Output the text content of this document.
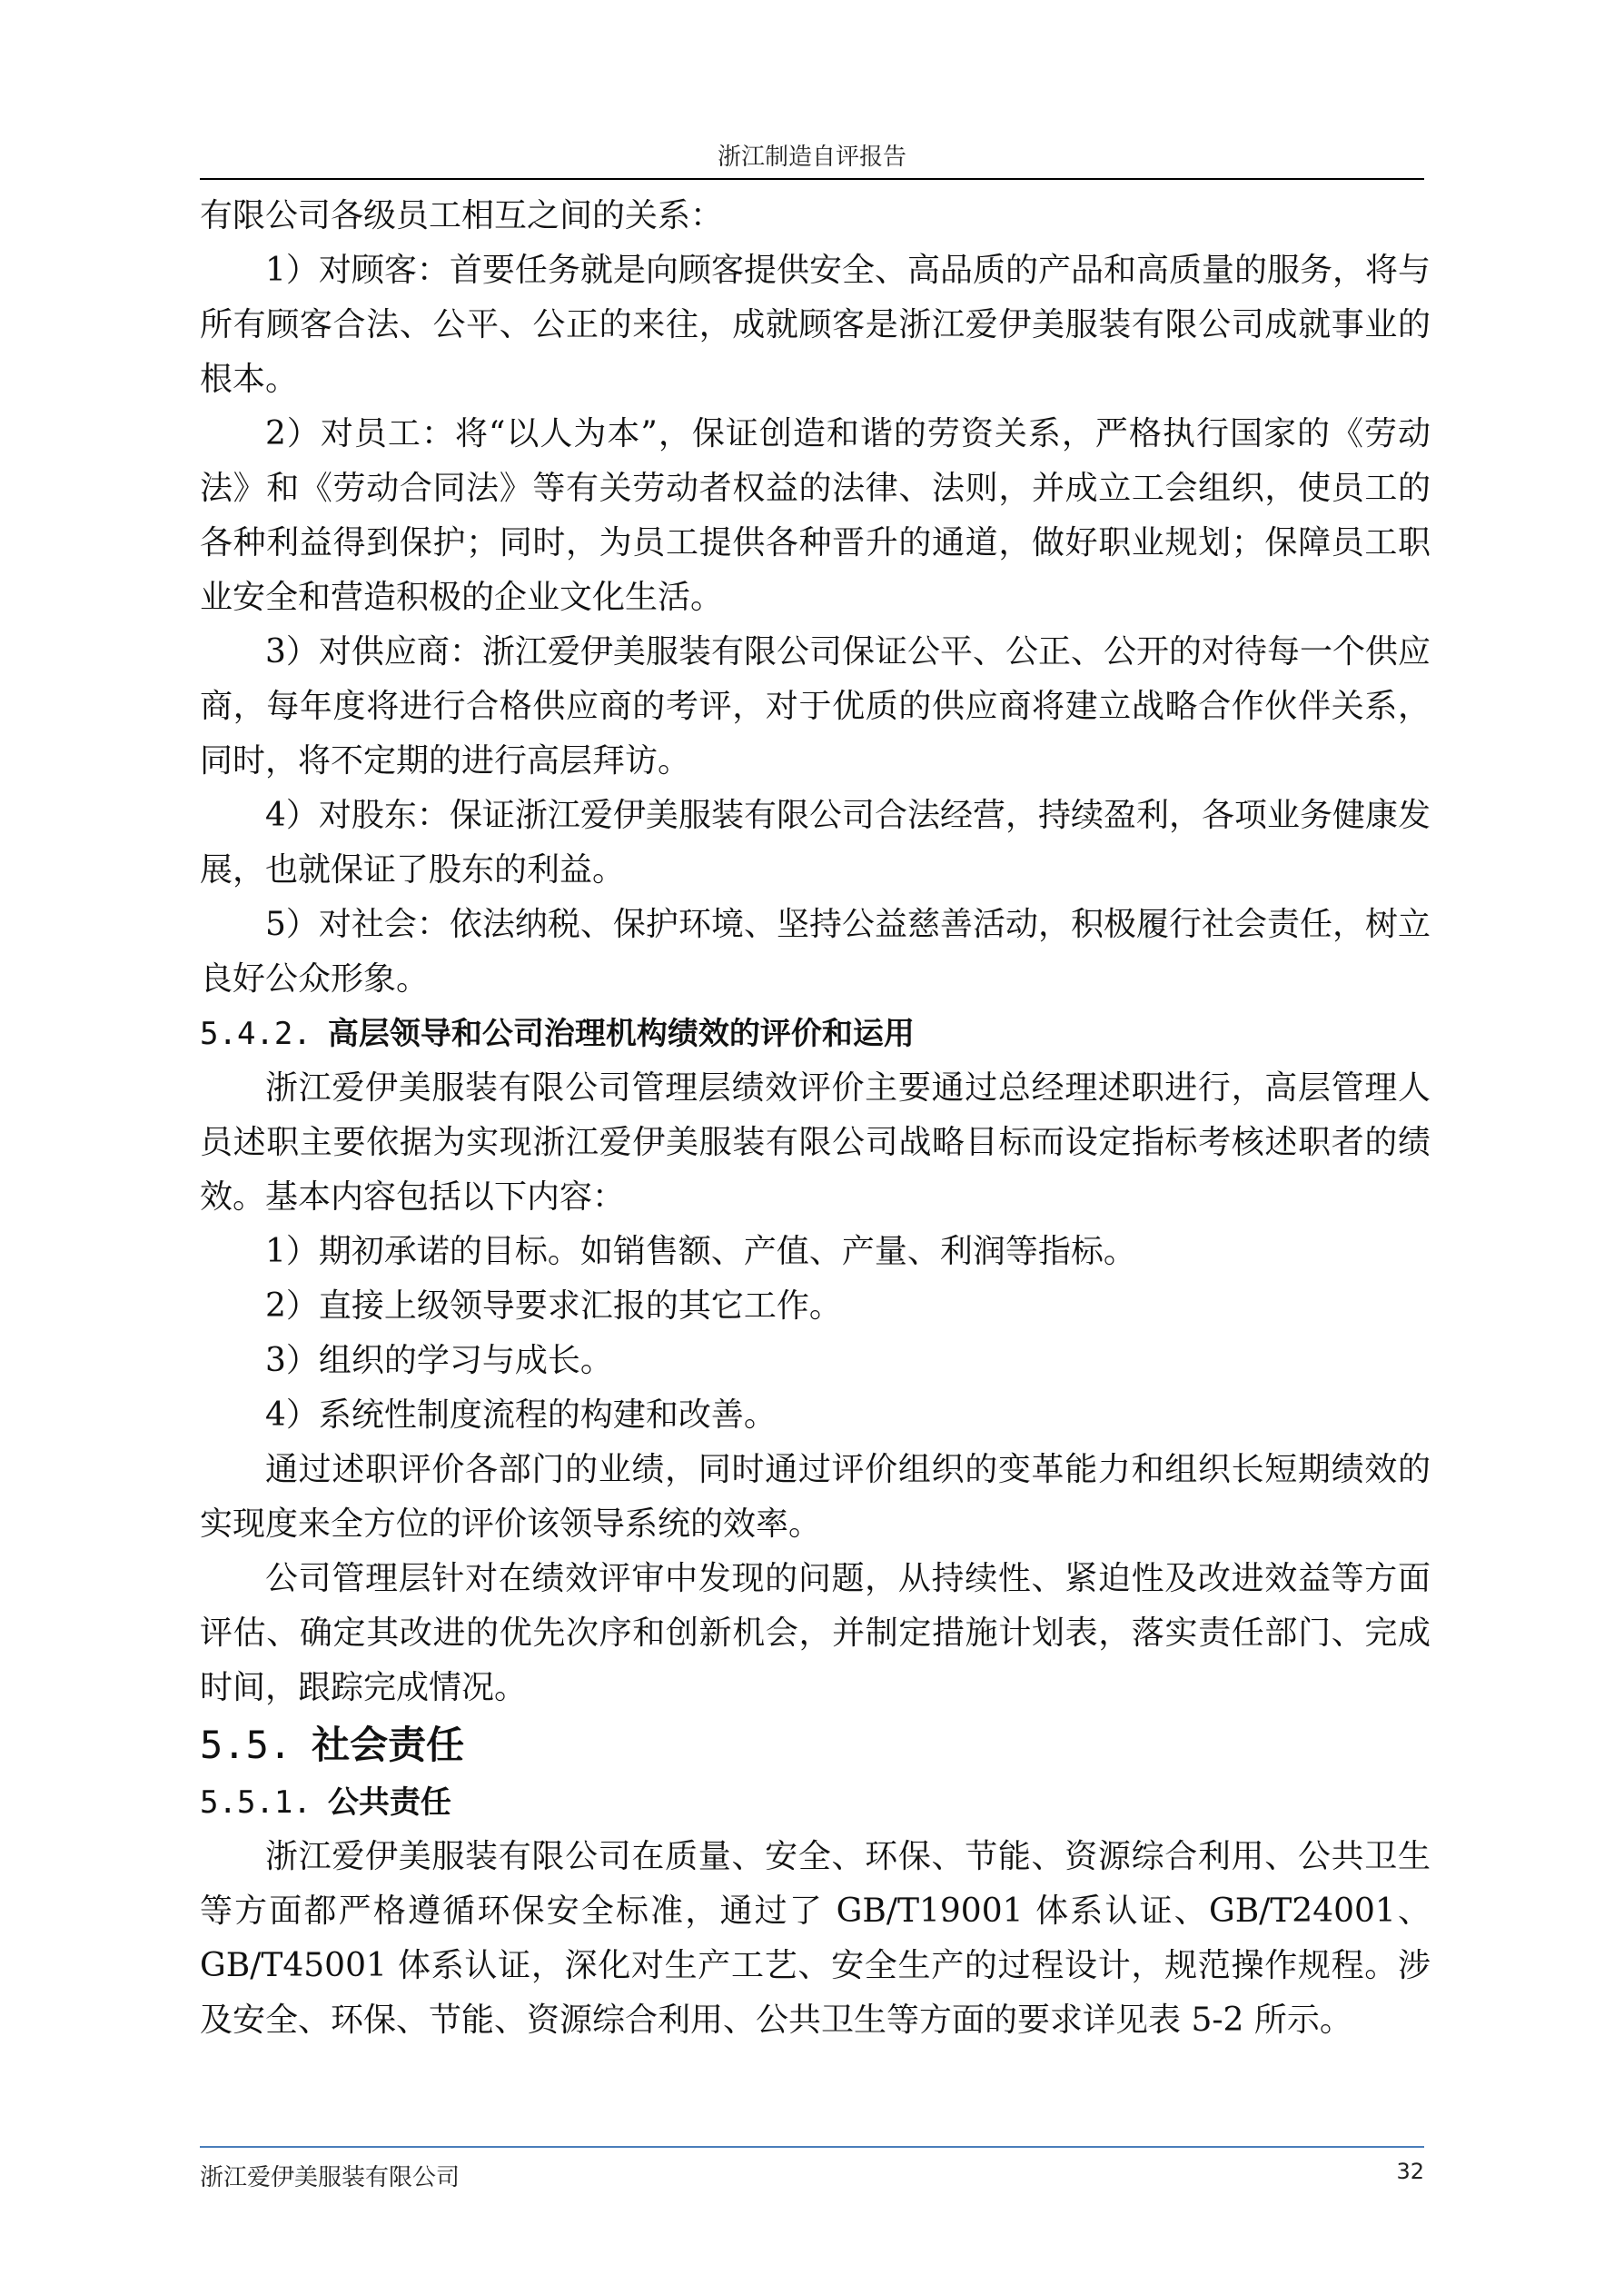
浙江制造自评报告

有限公司各级员工相互之间的关系：

1）对顾客：首要任务就是向顾客提供安全、高品质的产品和高质量的服务，将与所有顾客合法、公平、公正的来往，成就顾客是浙江爱伊美服装有限公司成就事业的根本。

2）对员工：将“以人为本”，保证创造和谐的劳资关系，严格执行国家的《劳动法》和《劳动合同法》等有关劳动者权益的法律、法则，并成立工会组织，使员工的各种利益得到保护；同时，为员工提供各种晋升的通道，做好职业规划；保障员工职业安全和营造积极的企业文化生活。

3）对供应商：浙江爱伊美服装有限公司保证公平、公正、公开的对待每一个供应商，每年度将进行合格供应商的考评，对于优质的供应商将建立战略合作伙伴关系，同时，将不定期的进行高层拜访。

4）对股东：保证浙江爱伊美服装有限公司合法经营，持续盈利，各项业务健康发展，也就保证了股东的利益。

5）对社会：依法纳税、保护环境、坚持公益慈善活动，积极履行社会责任，树立良好公众形象。

5.4.2. 高层领导和公司治理机构绩效的评价和运用

浙江爱伊美服装有限公司管理层绩效评价主要通过总经理述职进行，高层管理人员述职主要依据为实现浙江爱伊美服装有限公司战略目标而设定指标考核述职者的绩效。基本内容包括以下内容：

1）期初承诺的目标。如销售额、产值、产量、利润等指标。

2）直接上级领导要求汇报的其它工作。

3）组织的学习与成长。

4）系统性制度流程的构建和改善。

通过述职评价各部门的业绩，同时通过评价组织的变革能力和组织长短期绩效的实现度来全方位的评价该领导系统的效率。

公司管理层针对在绩效评审中发现的问题，从持续性、紧迫性及改进效益等方面评估、确定其改进的优先次序和创新机会，并制定措施计划表，落实责任部门、完成时间，跟踪完成情况。

5.5. 社会责任

5.5.1. 公共责任

浙江爱伊美服装有限公司在质量、安全、环保、节能、资源综合利用、公共卫生等方面都严格遵循环保安全标准，通过了 GB/T19001 体系认证、GB/T24001、GB/T45001 体系认证，深化对生产工艺、安全生产的过程设计，规范操作规程。涉及安全、环保、节能、资源综合利用、公共卫生等方面的要求详见表 5-2 所示。

浙江爱伊美服装有限公司	32
